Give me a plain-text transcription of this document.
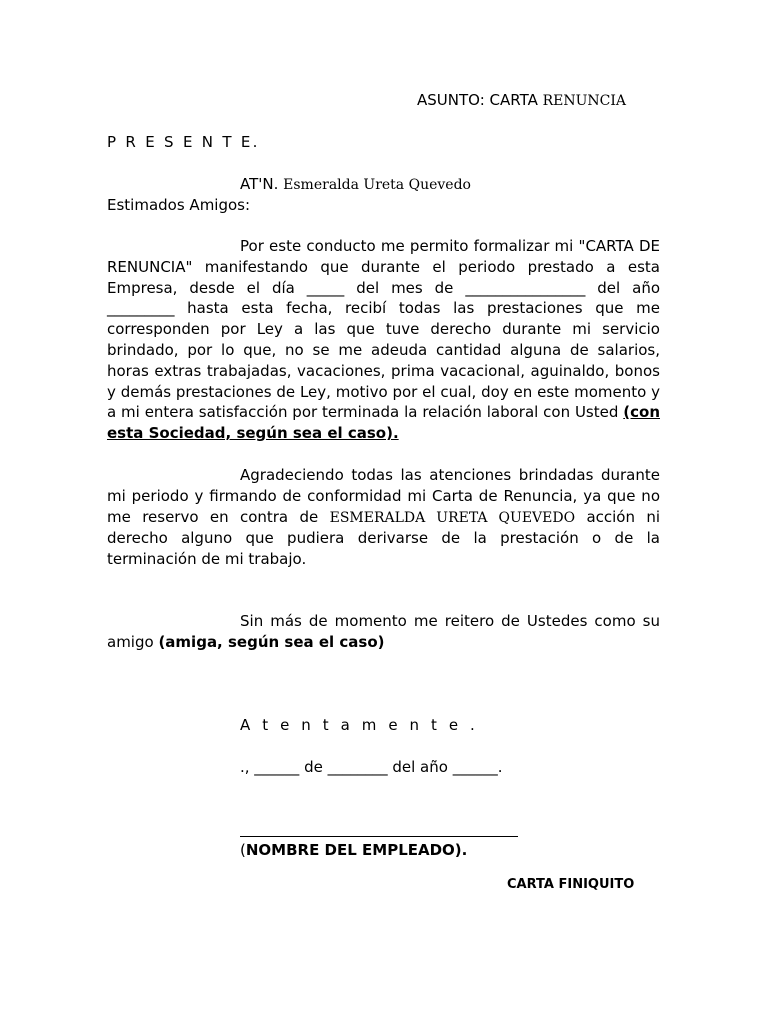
ASUNTO: CARTA RENUNCIA
P R E S E N T E.
AT'N. Esmeralda Ureta Quevedo
Estimados Amigos:
Por este conducto me permito formalizar mi "CARTA DE RENUNCIA" manifestando que durante el periodo prestado a esta Empresa, desde el día _____ del mes de ________________ del año _________ hasta esta fecha, recibí todas las prestaciones que me corresponden por Ley a las que tuve derecho durante mi servicio brindado, por lo que, no se me adeuda cantidad alguna de salarios, horas extras trabajadas, vacaciones, prima vacacional, aguinaldo, bonos y demás prestaciones de Ley, motivo por el cual, doy en este momento y a mi entera satisfacción por terminada la relación laboral con Usted (con esta Sociedad, según sea el caso).
Agradeciendo todas las atenciones brindadas durante mi periodo y firmando de conformidad mi Carta de Renuncia, ya que no me reservo en contra de ESMERALDA URETA QUEVEDO acción ni derecho alguno que pudiera derivarse de la prestación o de la terminación de mi trabajo.
Sin más de momento me reitero de Ustedes como su amigo (amiga, según sea el caso)
A t e n t a m e n t e .
., ______ de ________ del año ______.
(NOMBRE DEL EMPLEADO).
CARTA FINIQUITO
